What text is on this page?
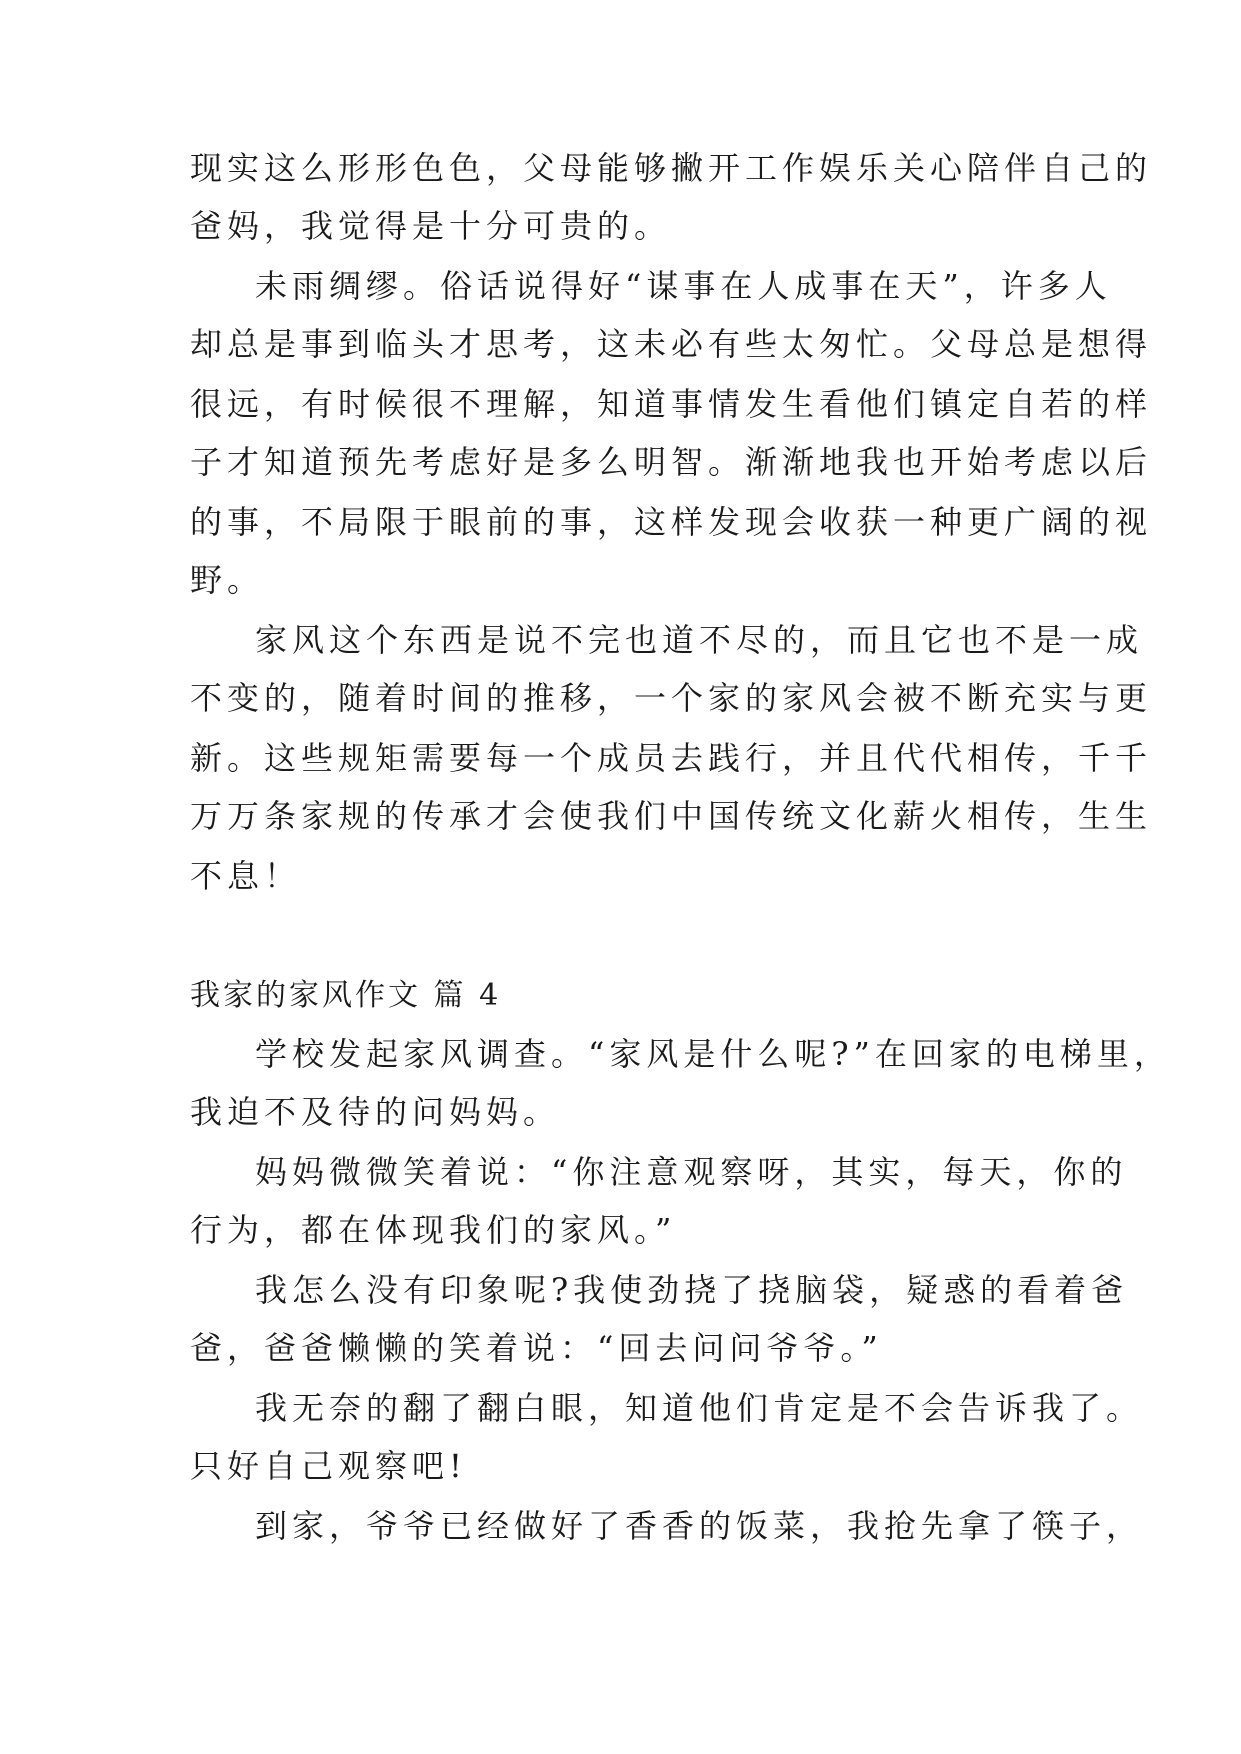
现实这么形形色色，父母能够撇开工作娱乐关心陪伴自己的
爸妈，我觉得是十分可贵的。
未雨绸缪。俗话说得好“谋事在人成事在天”，许多人
却总是事到临头才思考，这未必有些太匆忙。父母总是想得
很远，有时候很不理解，知道事情发生看他们镇定自若的样
子才知道预先考虑好是多么明智。渐渐地我也开始考虑以后
的事，不局限于眼前的事，这样发现会收获一种更广阔的视
野。
家风这个东西是说不完也道不尽的，而且它也不是一成
不变的，随着时间的推移，一个家的家风会被不断充实与更
新。这些规矩需要每一个成员去践行，并且代代相传，千千
万万条家规的传承才会使我们中国传统文化薪火相传，生生
不息！
我家的家风作文 篇 4
学校发起家风调查。“家风是什么呢?”在回家的电梯里，
我迫不及待的问妈妈。
妈妈微微笑着说：“你注意观察呀，其实，每天，你的
行为，都在体现我们的家风。”
我怎么没有印象呢?我使劲挠了挠脑袋，疑惑的看着爸
爸，爸爸懒懒的笑着说：“回去问问爷爷。”
我无奈的翻了翻白眼，知道他们肯定是不会告诉我了。
只好自己观察吧!
到家，爷爷已经做好了香香的饭菜，我抢先拿了筷子，
